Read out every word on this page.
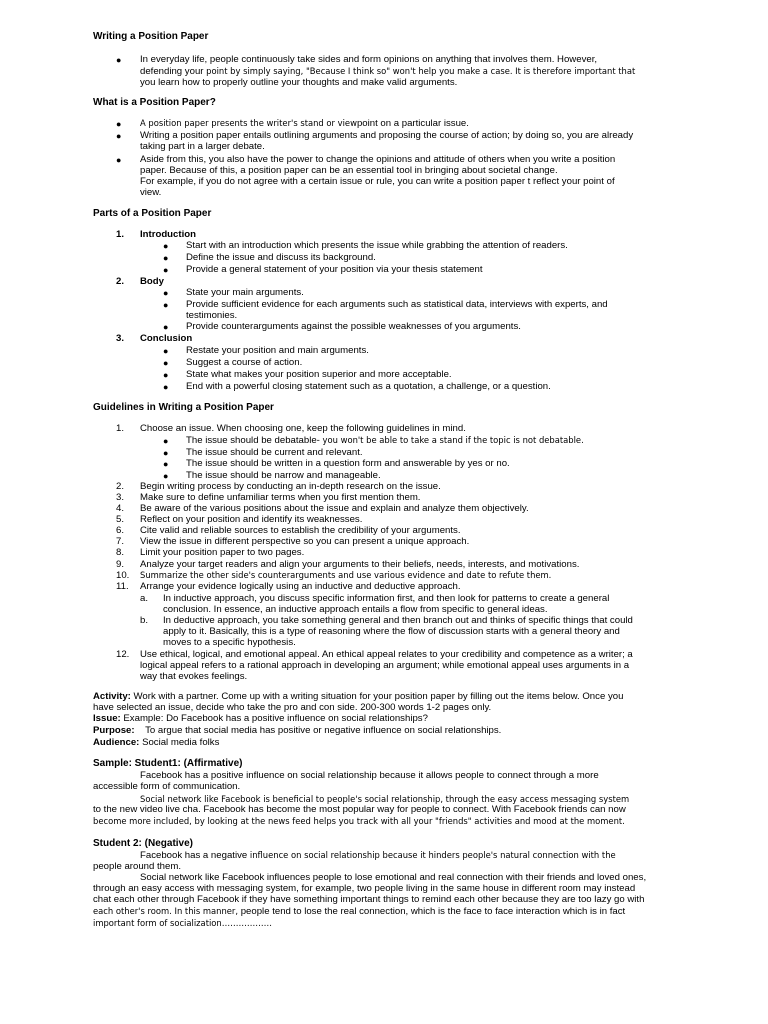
Writing a Position Paper
● In everyday life, people continuously take sides and form opinions on anything that involves them. However,
defending your point by simply saying, "Because I think so" won't help you make a case. It is therefore important that
you learn how to properly outline your thoughts and make valid arguments.
What is a Position Paper?
● A position paper presents the writer's stand or viewpoint on a particular issue.
● Writing a position paper entails outlining arguments and proposing the course of action; by doing so, you are already
taking part in a larger debate.
● Aside from this, you also have the power to change the opinions and attitude of others when you write a position
paper. Because of this, a position paper can be an essential tool in bringing about societal change.
For example, if you do not agree with a certain issue or rule, you can write a position paper t reflect your point of
view.
Parts of a Position Paper
1. Introduction
● Start with an introduction which presents the issue while grabbing the attention of readers.
● Define the issue and discuss its background.
● Provide a general statement of your position via your thesis statement
2. Body
● State your main arguments.
● Provide sufficient evidence for each arguments such as statistical data, interviews with experts, and
testimonies.
● Provide counterarguments against the possible weaknesses of you arguments.
3. Conclusion
● Restate your position and main arguments.
● Suggest a course of action.
● State what makes your position superior and more acceptable.
● End with a powerful closing statement such as a quotation, a challenge, or a question.
Guidelines in Writing a Position Paper
1. Choose an issue. When choosing one, keep the following guidelines in mind.
● The issue should be debatable- you won't be able to take a stand if the topic is not debatable.
● The issue should be current and relevant.
● The issue should be written in a question form and answerable by yes or no.
● The issue should be narrow and manageable.
2. Begin writing process by conducting an in-depth research on the issue.
3. Make sure to define unfamiliar terms when you first mention them.
4. Be aware of the various positions about the issue and explain and analyze them objectively.
5. Reflect on your position and identify its weaknesses.
6. Cite valid and reliable sources to establish the credibility of your arguments.
7. View the issue in different perspective so you can present a unique approach.
8. Limit your position paper to two pages.
9. Analyze your target readers and align your arguments to their beliefs, needs, interests, and motivations.
10. Summarize the other side's counterarguments and use various evidence and date to refute them.
11. Arrange your evidence logically using an inductive and deductive approach.
a. In inductive approach, you discuss specific information first, and then look for patterns to create a general
conclusion. In essence, an inductive approach entails a flow from specific to general ideas.
b. In deductive approach, you take something general and then branch out and thinks of specific things that could
apply to it. Basically, this is a type of reasoning where the flow of discussion starts with a general theory and
moves to a specific hypothesis.
12. Use ethical, logical, and emotional appeal. An ethical appeal relates to your credibility and competence as a writer; a
logical appeal refers to a rational approach in developing an argument; while emotional appeal uses arguments in a
way that evokes feelings.
Activity: Work with a partner. Come up with a writing situation for your position paper by filling out the items below. Once you
have selected an issue, decide who take the pro and con side. 200-300 words 1-2 pages only.
Issue: Example: Do Facebook has a positive influence on social relationships?
Purpose: To argue that social media has positive or negative influence on social relationships.
Audience: Social media folks
Sample: Student1: (Affirmative)
Facebook has a positive influence on social relationship because it allows people to connect through a more
accessible form of communication.
Social network like Facebook is beneficial to people's social relationship, through the easy access messaging system
to the new video live cha. Facebook has become the most popular way for people to connect. With Facebook friends can now
become more included, by looking at the news feed helps you track with all your "friends" activities and mood at the moment.
Student 2: (Negative)
Facebook has a negative influence on social relationship because it hinders people's natural connection with the
people around them.
Social network like Facebook influences people to lose emotional and real connection with their friends and loved ones,
through an easy access with messaging system, for example, two people living in the same house in different room may instead
chat each other through Facebook if they have something important things to remind each other because they are too lazy go with
each other's room. In this manner, people tend to lose the real connection, which is the face to face interaction which is in fact
important form of socialization………………
